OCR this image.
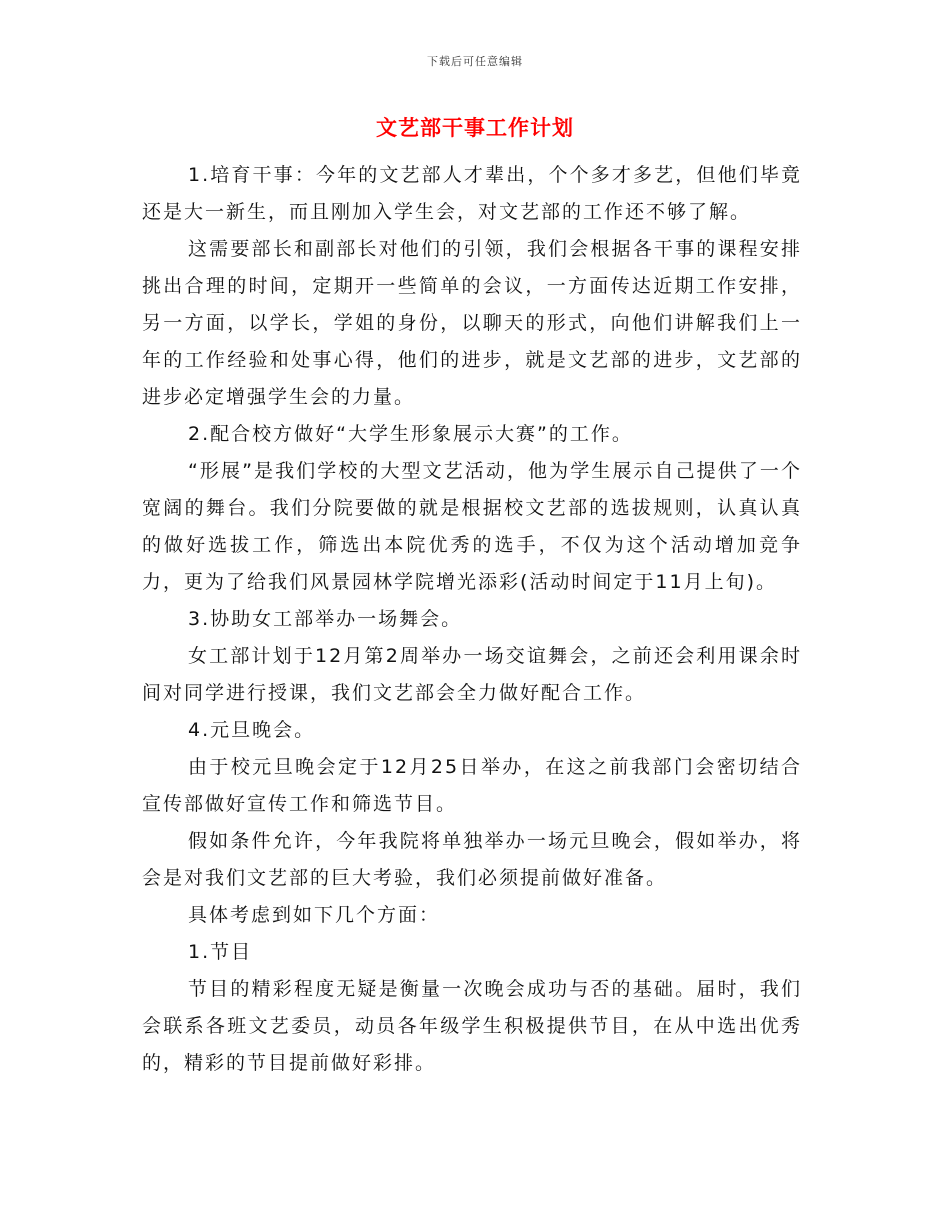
下载后可任意编辑
文艺部干事工作计划

1.培育干事：今年的文艺部人才辈出，个个多才多艺，但他们毕竟还是大一新生，而且刚加入学生会，对文艺部的工作还不够了解。

这需要部长和副部长对他们的引领，我们会根据各干事的课程安排挑出合理的时间，定期开一些简单的会议，一方面传达近期工作安排，另一方面，以学长，学姐的身份，以聊天的形式，向他们讲解我们上一年的工作经验和处事心得，他们的进步，就是文艺部的进步，文艺部的进步必定增强学生会的力量。

2.配合校方做好“大学生形象展示大赛”的工作。

“形展”是我们学校的大型文艺活动，他为学生展示自己提供了一个宽阔的舞台。我们分院要做的就是根据校文艺部的选拔规则，认真认真的做好选拔工作，筛选出本院优秀的选手，不仅为这个活动增加竞争力，更为了给我们风景园林学院增光添彩(活动时间定于11月上旬)。

3.协助女工部举办一场舞会。

女工部计划于12月第2周举办一场交谊舞会，之前还会利用课余时间对同学进行授课，我们文艺部会全力做好配合工作。

4.元旦晚会。

由于校元旦晚会定于12月25日举办，在这之前我部门会密切结合宣传部做好宣传工作和筛选节目。

假如条件允许，今年我院将单独举办一场元旦晚会，假如举办，将会是对我们文艺部的巨大考验，我们必须提前做好准备。

具体考虑到如下几个方面：

1.节目

节目的精彩程度无疑是衡量一次晚会成功与否的基础。届时，我们会联系各班文艺委员，动员各年级学生积极提供节目，在从中选出优秀的，精彩的节目提前做好彩排。
